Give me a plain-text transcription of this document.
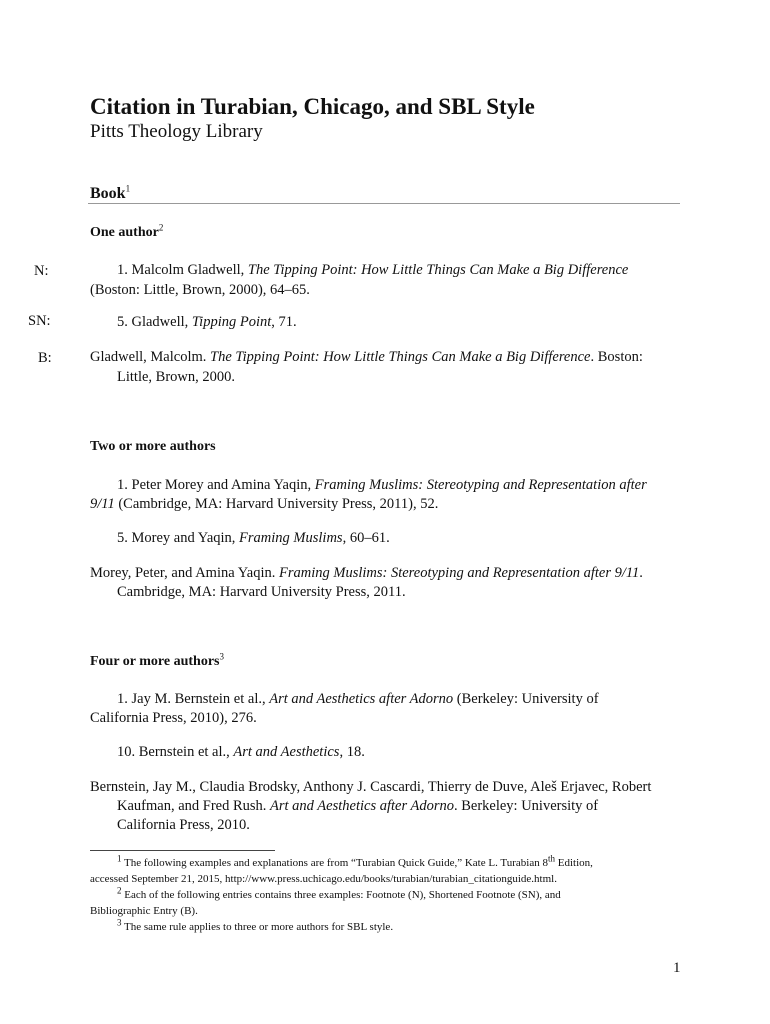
Citation in Turabian, Chicago, and SBL Style
Pitts Theology Library
Book$^1$
One author$^2$
N:	1. Malcolm Gladwell, The Tipping Point: How Little Things Can Make a Big Difference
(Boston: Little, Brown, 2000), 64–65.
SN:	5. Gladwell, Tipping Point, 71.
B:	Gladwell, Malcolm. The Tipping Point: How Little Things Can Make a Big Difference. Boston:
Little, Brown, 2000.
Two or more authors
1. Peter Morey and Amina Yaqin, Framing Muslims: Stereotyping and Representation after
9/11 (Cambridge, MA: Harvard University Press, 2011), 52.
5. Morey and Yaqin, Framing Muslims, 60–61.
Morey, Peter, and Amina Yaqin. Framing Muslims: Stereotyping and Representation after 9/11.
Cambridge, MA: Harvard University Press, 2011.
Four or more authors$^3$
1. Jay M. Bernstein et al., Art and Aesthetics after Adorno (Berkeley: University of
California Press, 2010), 276.
10. Bernstein et al., Art and Aesthetics, 18.
Bernstein, Jay M., Claudia Brodsky, Anthony J. Cascardi, Thierry de Duve, Aleš Erjavec, Robert
Kaufman, and Fred Rush. Art and Aesthetics after Adorno. Berkeley: University of
California Press, 2010.
$^1$ The following examples and explanations are from “Turabian Quick Guide,” Kate L. Turabian 8th Edition,
accessed September 21, 2015, http://www.press.uchicago.edu/books/turabian/turabian_citationguide.html.
$^2$ Each of the following entries contains three examples: Footnote (N), Shortened Footnote (SN), and
Bibliographic Entry (B).
$^3$ The same rule applies to three or more authors for SBL style.
1
